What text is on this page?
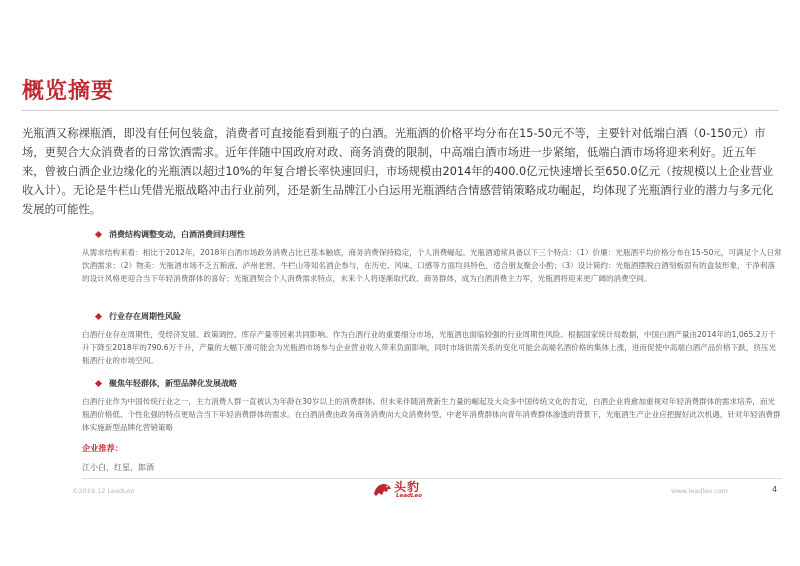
概览摘要

光瓶酒又称裸瓶酒，即没有任何包装盒，消费者可直接能看到瓶子的白酒。光瓶酒的价格平均分布在15-50元不等，主要针对低端白酒（0-150元）市场，更契合大众消费者的日常饮酒需求。近年伴随中国政府对政、商务消费的限制，中高端白酒市场进一步紧缩，低端白酒市场将迎来利好。近五年来，曾被白酒企业边缘化的光瓶酒以超过10%的年复合增长率快速回归，市场规模由2014年的400.0亿元快速增长至650.0亿元（按规模以上企业营业收入计）。无论是牛栏山凭借光瓶战略冲击行业前列，还是新生品牌江小白运用光瓶酒结合情感营销策略成功崛起，均体现了光瓶酒行业的潜力与多元化发展的可能性。

消费结构调整变动，白酒消费回归理性

从需求结构来看：相比于2012年，2018年白酒市场政务消费占比已基本触底，商务消费保持稳定，个人消费崛起。光瓶酒通常具备以下三个特点：（1）价廉：光瓶酒平均价格分布在15-50元，可满足个人日常饮酒需求；（2）物美：光瓶酒市场不乏五粮液、泸州老窖、牛栏山等知名酒企参与，在历史、风味、口感等方面均具特色，适合朋友聚会小酌；（3）设计简约：光瓶酒摆脱白酒刻板固有的盒装形象，干净利落的设计风格更迎合当下年轻消费群体的喜好；光瓶酒契合个人消费需求特点，未来个人将逐渐取代政、商务群体，成为白酒消费主力军，光瓶酒将迎来更广阔的消费空间。

行业存在周期性风险

白酒行业存在周期性，受经济发展、政策调控、库存产量等因素共同影响。作为白酒行业的重要细分市场，光瓶酒也面临较强的行业周期性风险。根据国家统计局数据，中国白酒产量由2014年的1,065.2万千升下降至2018年的790.6万千升，产量的大幅下滑可能会为光瓶酒市场参与企业营业收入带来负面影响，同时市场供需关系的变化可能会高端名酒价格的集体上涨，进而促使中高端白酒产品价格下跌，挤压光瓶酒行业的市场空间。

聚焦年轻群体，新型品牌化发展战略

白酒行业作为中国传统行业之一，主力消费人群一直被认为年龄在30岁以上的消费群体。但未来伴随消费新生力量的崛起及大众多中国传统文化的肯定，白酒企业将愈加重视对年轻消费群体的需求培养，而光瓶酒价格低、个性化强的特点更贴合当下年轻消费群体的需求。在白酒消费由政务商务消费向大众消费转型、中老年消费群体向青年消费群体渗透的背景下，光瓶酒生产企业应把握好此次机遇，针对年轻消费群体实施新型品牌化营销策略

企业推荐：
江小白，红星，郎酒
©2019.12 LeadLeo	头豹
LeadLeo
www.leadleo.com	4
